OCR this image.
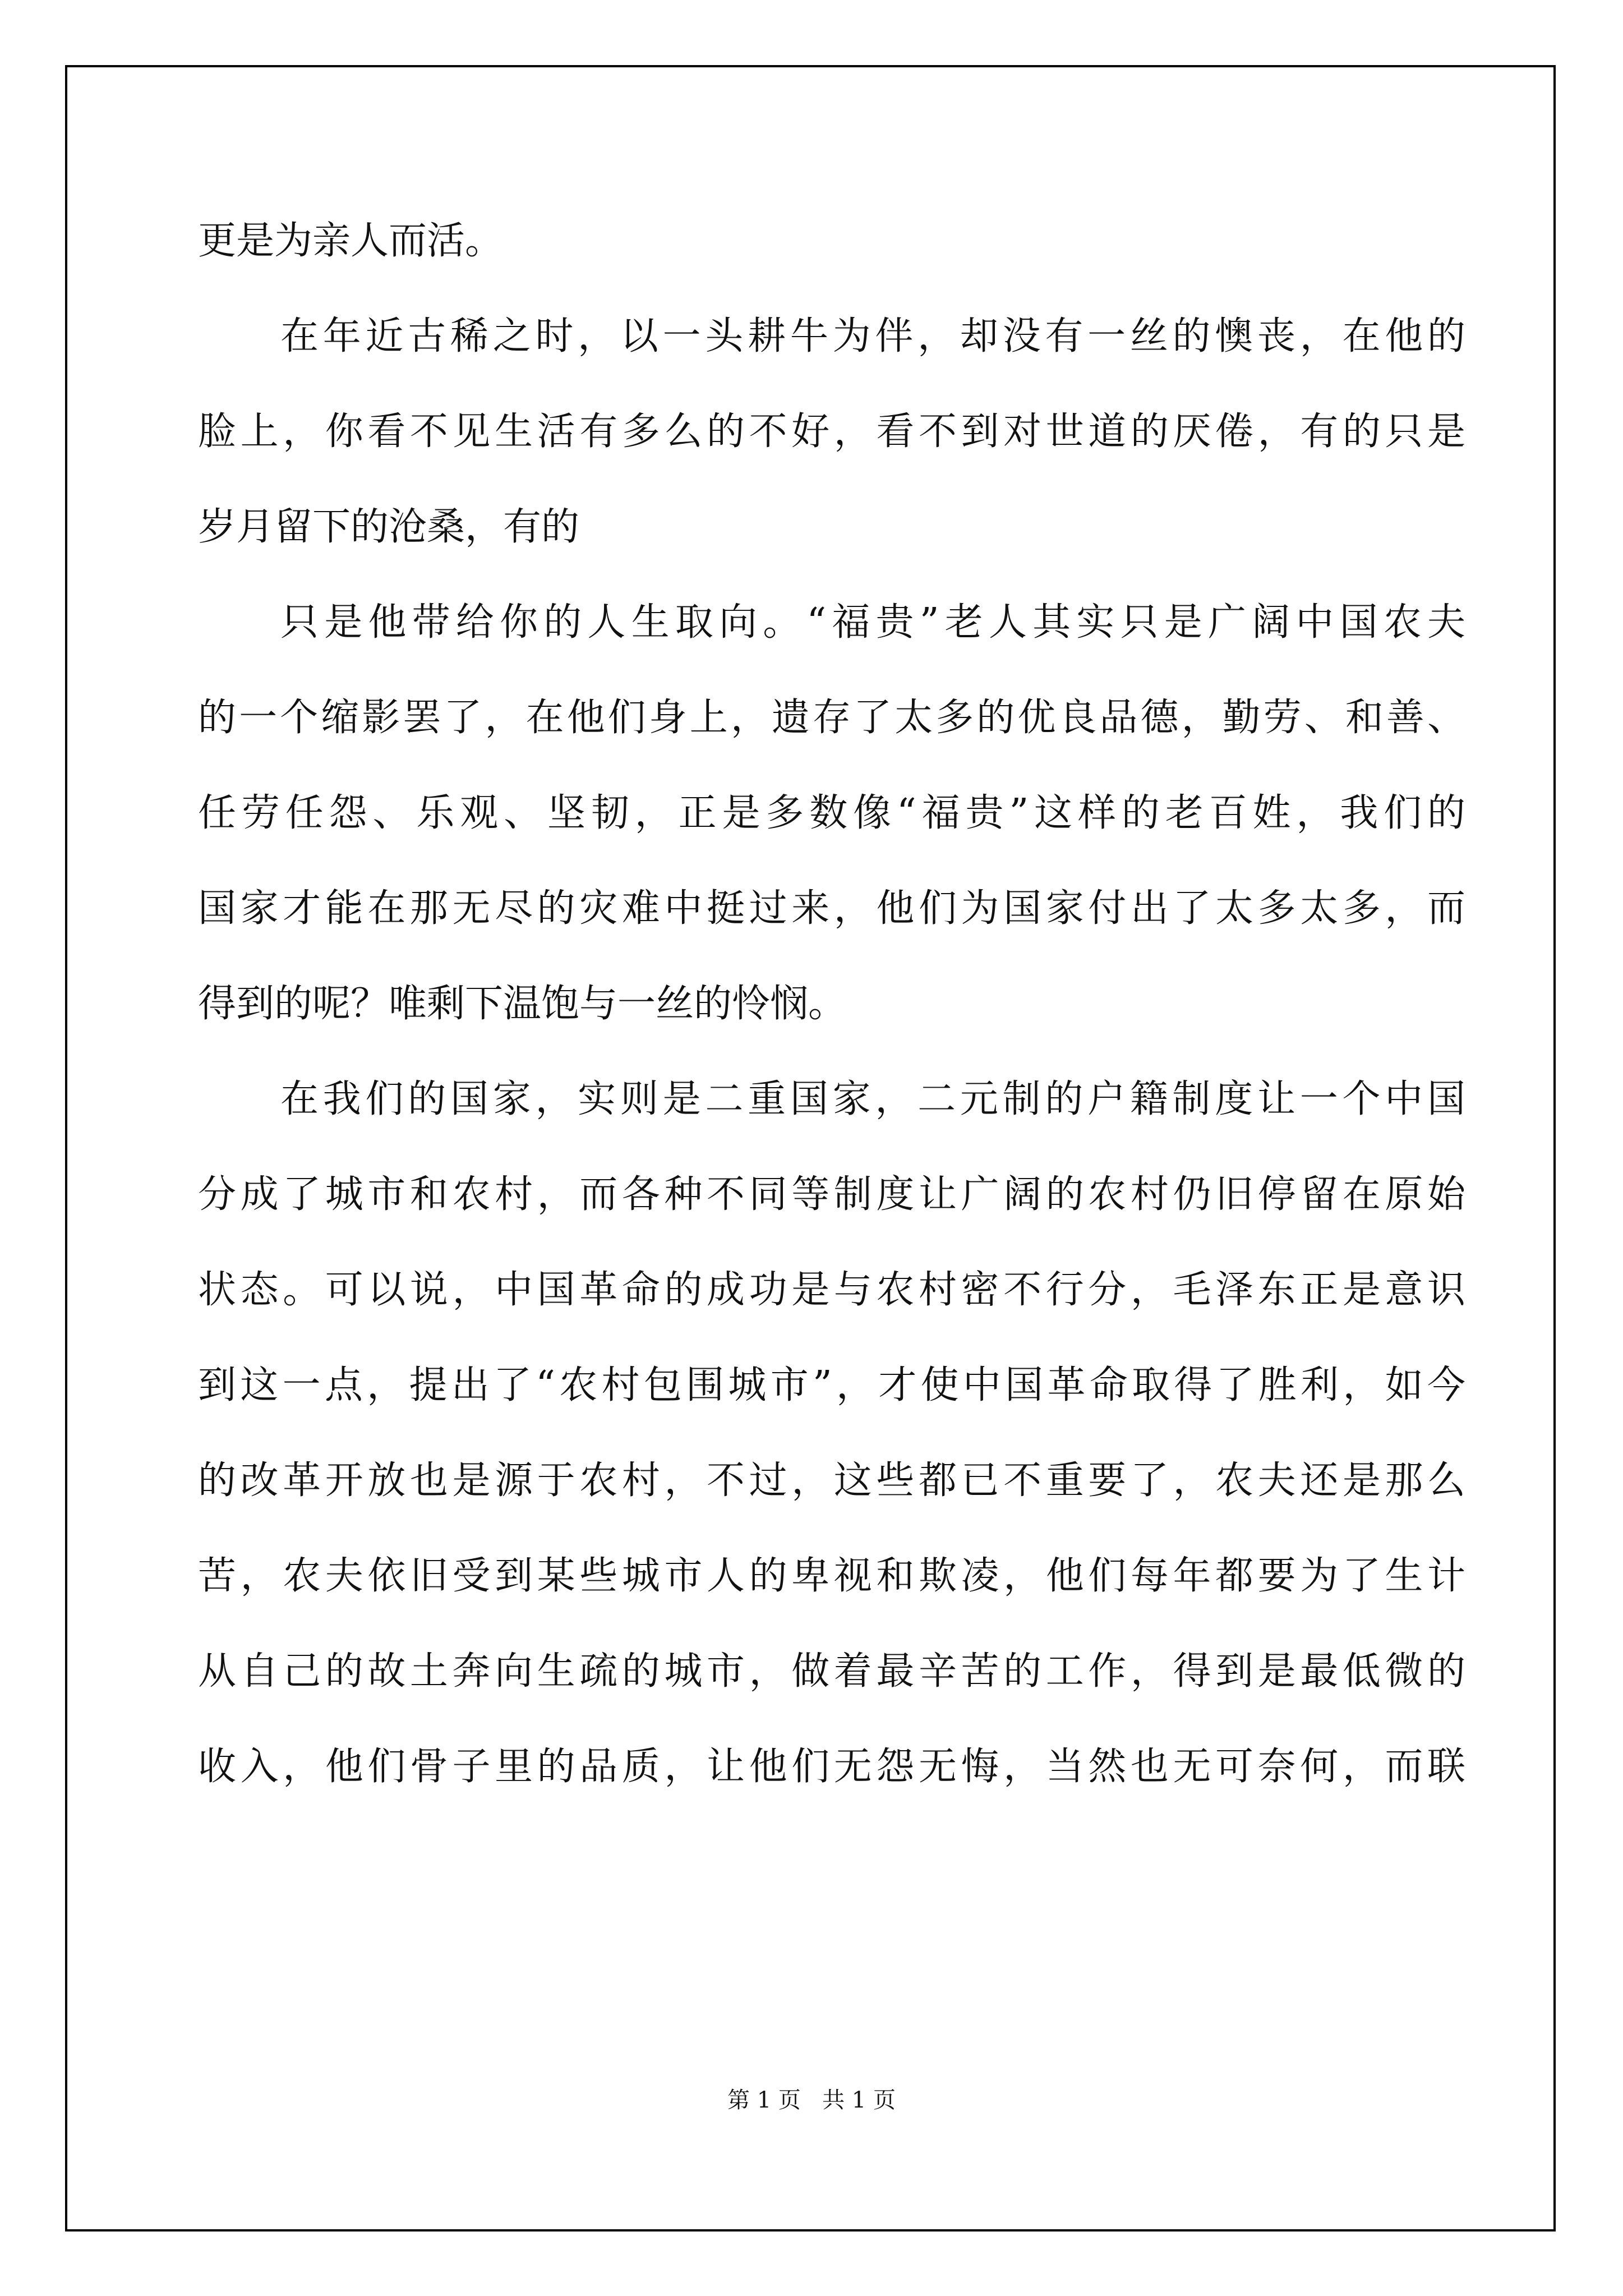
更是为亲人而活。
在年近古稀之时，以一头耕牛为伴，却没有一丝的懊丧，在他的
脸上，你看不见生活有多么的不好，看不到对世道的厌倦，有的只是
岁月留下的沧桑，有的
只是他带给你的人生取向。“福贵”老人其实只是广阔中国农夫
的一个缩影罢了，在他们身上，遗存了太多的优良品德，勤劳、和善、
任劳任怨、乐观、坚韧，正是多数像“福贵”这样的老百姓，我们的
国家才能在那无尽的灾难中挺过来，他们为国家付出了太多太多，而
得到的呢？唯剩下温饱与一丝的怜悯。
在我们的国家，实则是二重国家，二元制的户籍制度让一个中国
分成了城市和农村，而各种不同等制度让广阔的农村仍旧停留在原始
状态。可以说，中国革命的成功是与农村密不行分，毛泽东正是意识
到这一点，提出了“农村包围城市”，才使中国革命取得了胜利，如今
的改革开放也是源于农村，不过，这些都已不重要了，农夫还是那么
苦，农夫依旧受到某些城市人的卑视和欺凌，他们每年都要为了生计
从自己的故土奔向生疏的城市，做着最辛苦的工作，得到是最低微的
收入，他们骨子里的品质，让他们无怨无悔，当然也无可奈何，而联
第 1 页   共 1 页
